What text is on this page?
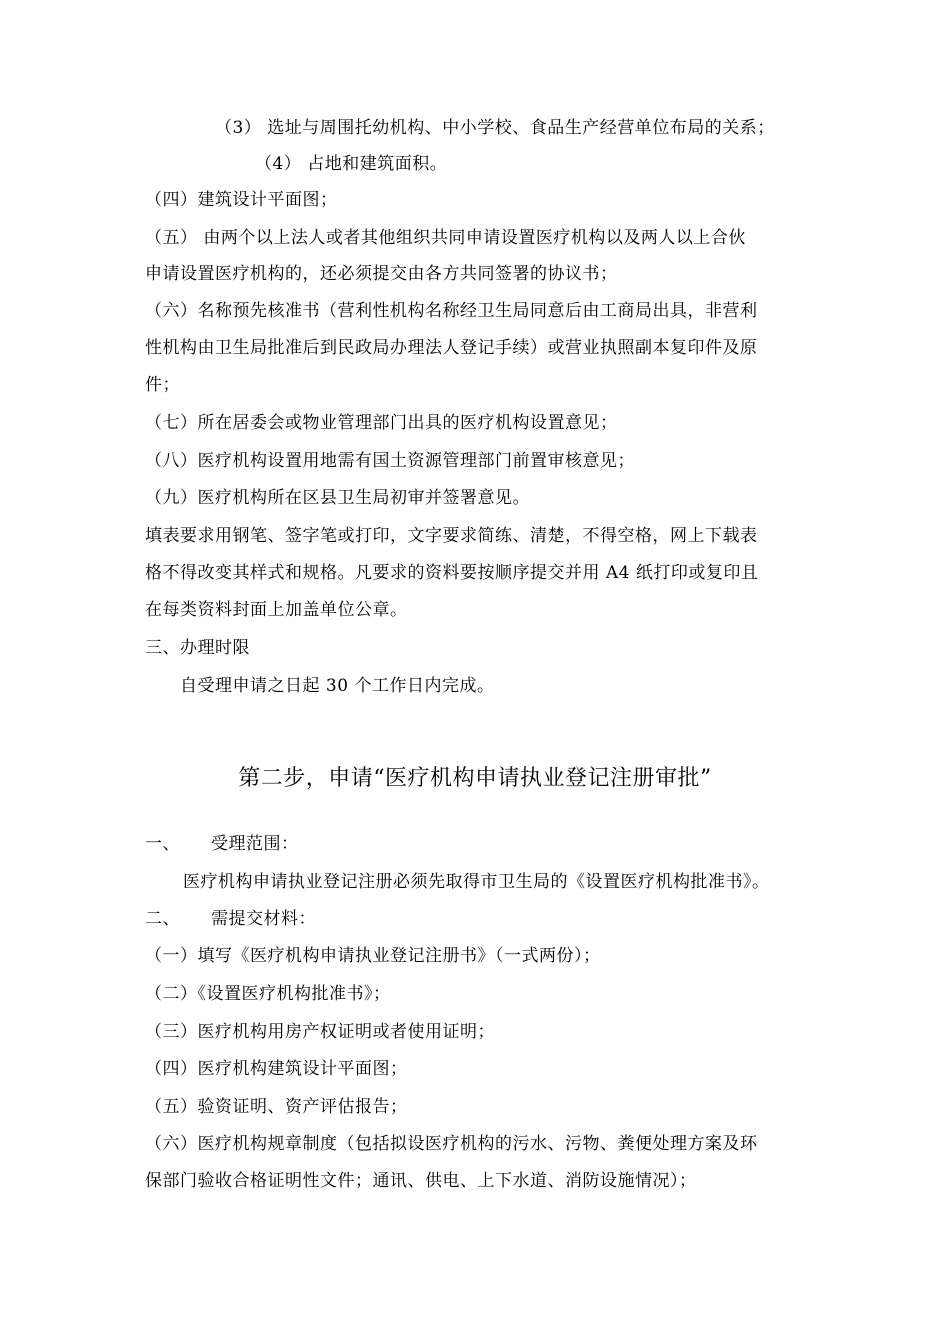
（3） 选址与周围托幼机构、中小学校、食品生产经营单位布局的关系；
（4） 占地和建筑面积。
（四）建筑设计平面图；
（五） 由两个以上法人或者其他组织共同申请设置医疗机构以及两人以上合伙
申请设置医疗机构的，还必须提交由各方共同签署的协议书；
（六）名称预先核准书（营利性机构名称经卫生局同意后由工商局出具，非营利
性机构由卫生局批准后到民政局办理法人登记手续）或营业执照副本复印件及原
件；
（七）所在居委会或物业管理部门出具的医疗机构设置意见；
（八）医疗机构设置用地需有国土资源管理部门前置审核意见；
（九）医疗机构所在区县卫生局初审并签署意见。
填表要求用钢笔、签字笔或打印，文字要求简练、清楚，不得空格，网上下载表
格不得改变其样式和规格。凡要求的资料要按顺序提交并用 A4 纸打印或复印且
在每类资料封面上加盖单位公章。
三、办理时限
自受理申请之日起 30 个工作日内完成。
第二步，申请“医疗机构申请执业登记注册审批”
一、 受理范围：
医疗机构申请执业登记注册必须先取得市卫生局的《设置医疗机构批准书》。
二、 需提交材料：
（一）填写《医疗机构申请执业登记注册书》（一式两份）；
（二）《设置医疗机构批准书》；
（三）医疗机构用房产权证明或者使用证明；
（四）医疗机构建筑设计平面图；
（五）验资证明、资产评估报告；
（六）医疗机构规章制度（包括拟设医疗机构的污水、污物、粪便处理方案及环
保部门验收合格证明性文件；通讯、供电、上下水道、消防设施情况）；
